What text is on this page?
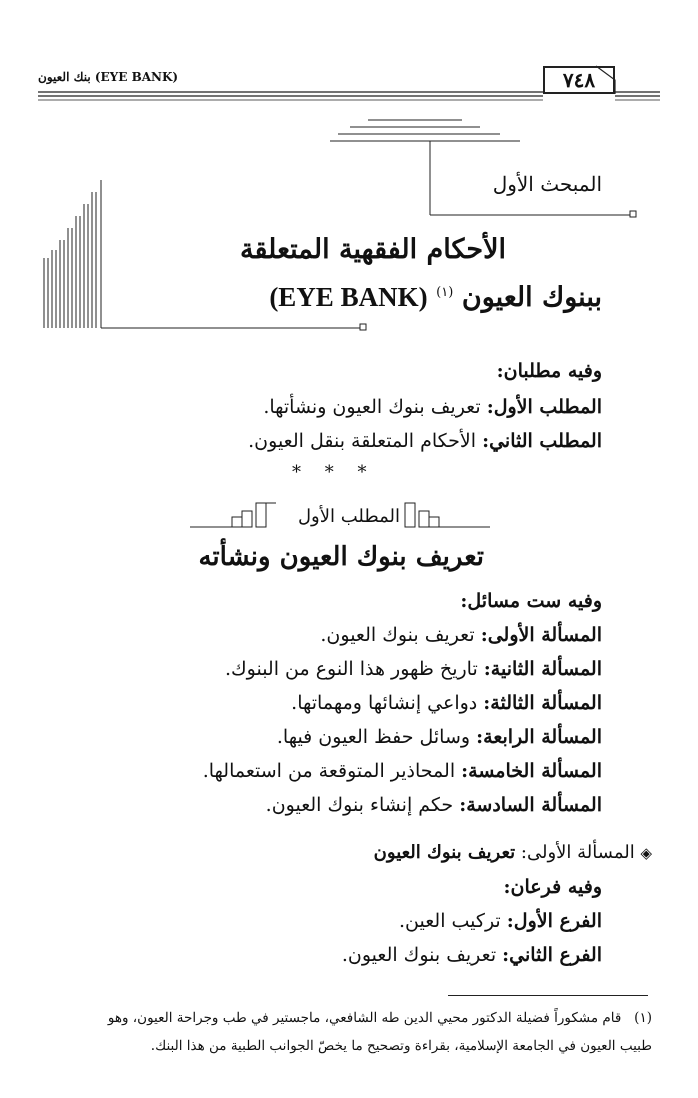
بنك العيون (EYE BANK)	٧٤٨
المبحث الأول
الأحكام الفقهية المتعلقة
(EYE BANK) $^{(١)}$ ببنوك العيون
وفيه مطلبان:
المطلب الأول: تعريف بنوك العيون ونشأتها.
المطلب الثاني: الأحكام المتعلقة بنقل العيون.
* * *
المطلب الأول
تعريف بنوك العيون ونشأته
وفيه ست مسائل:
المسألة الأولى: تعريف بنوك العيون.
المسألة الثانية: تاريخ ظهور هذا النوع من البنوك.
المسألة الثالثة: دواعي إنشائها ومهماتها.
المسألة الرابعة: وسائل حفظ العيون فيها.
المسألة الخامسة: المحاذير المتوقعة من استعمالها.
المسألة السادسة: حكم إنشاء بنوك العيون.
◈ المسألة الأولى: تعريف بنوك العيون
وفيه فرعان:
الفرع الأول: تركيب العين.
الفرع الثاني: تعريف بنوك العيون.
(١)   قام مشكوراً فضيلة الدكتور محيي الدين طه الشافعي، ماجستير في طب وجراحة العيون، وهو
طبيب العيون في الجامعة الإسلامية، بقراءة وتصحيح ما يخصّ الجوانب الطبية من هذا البنك.
